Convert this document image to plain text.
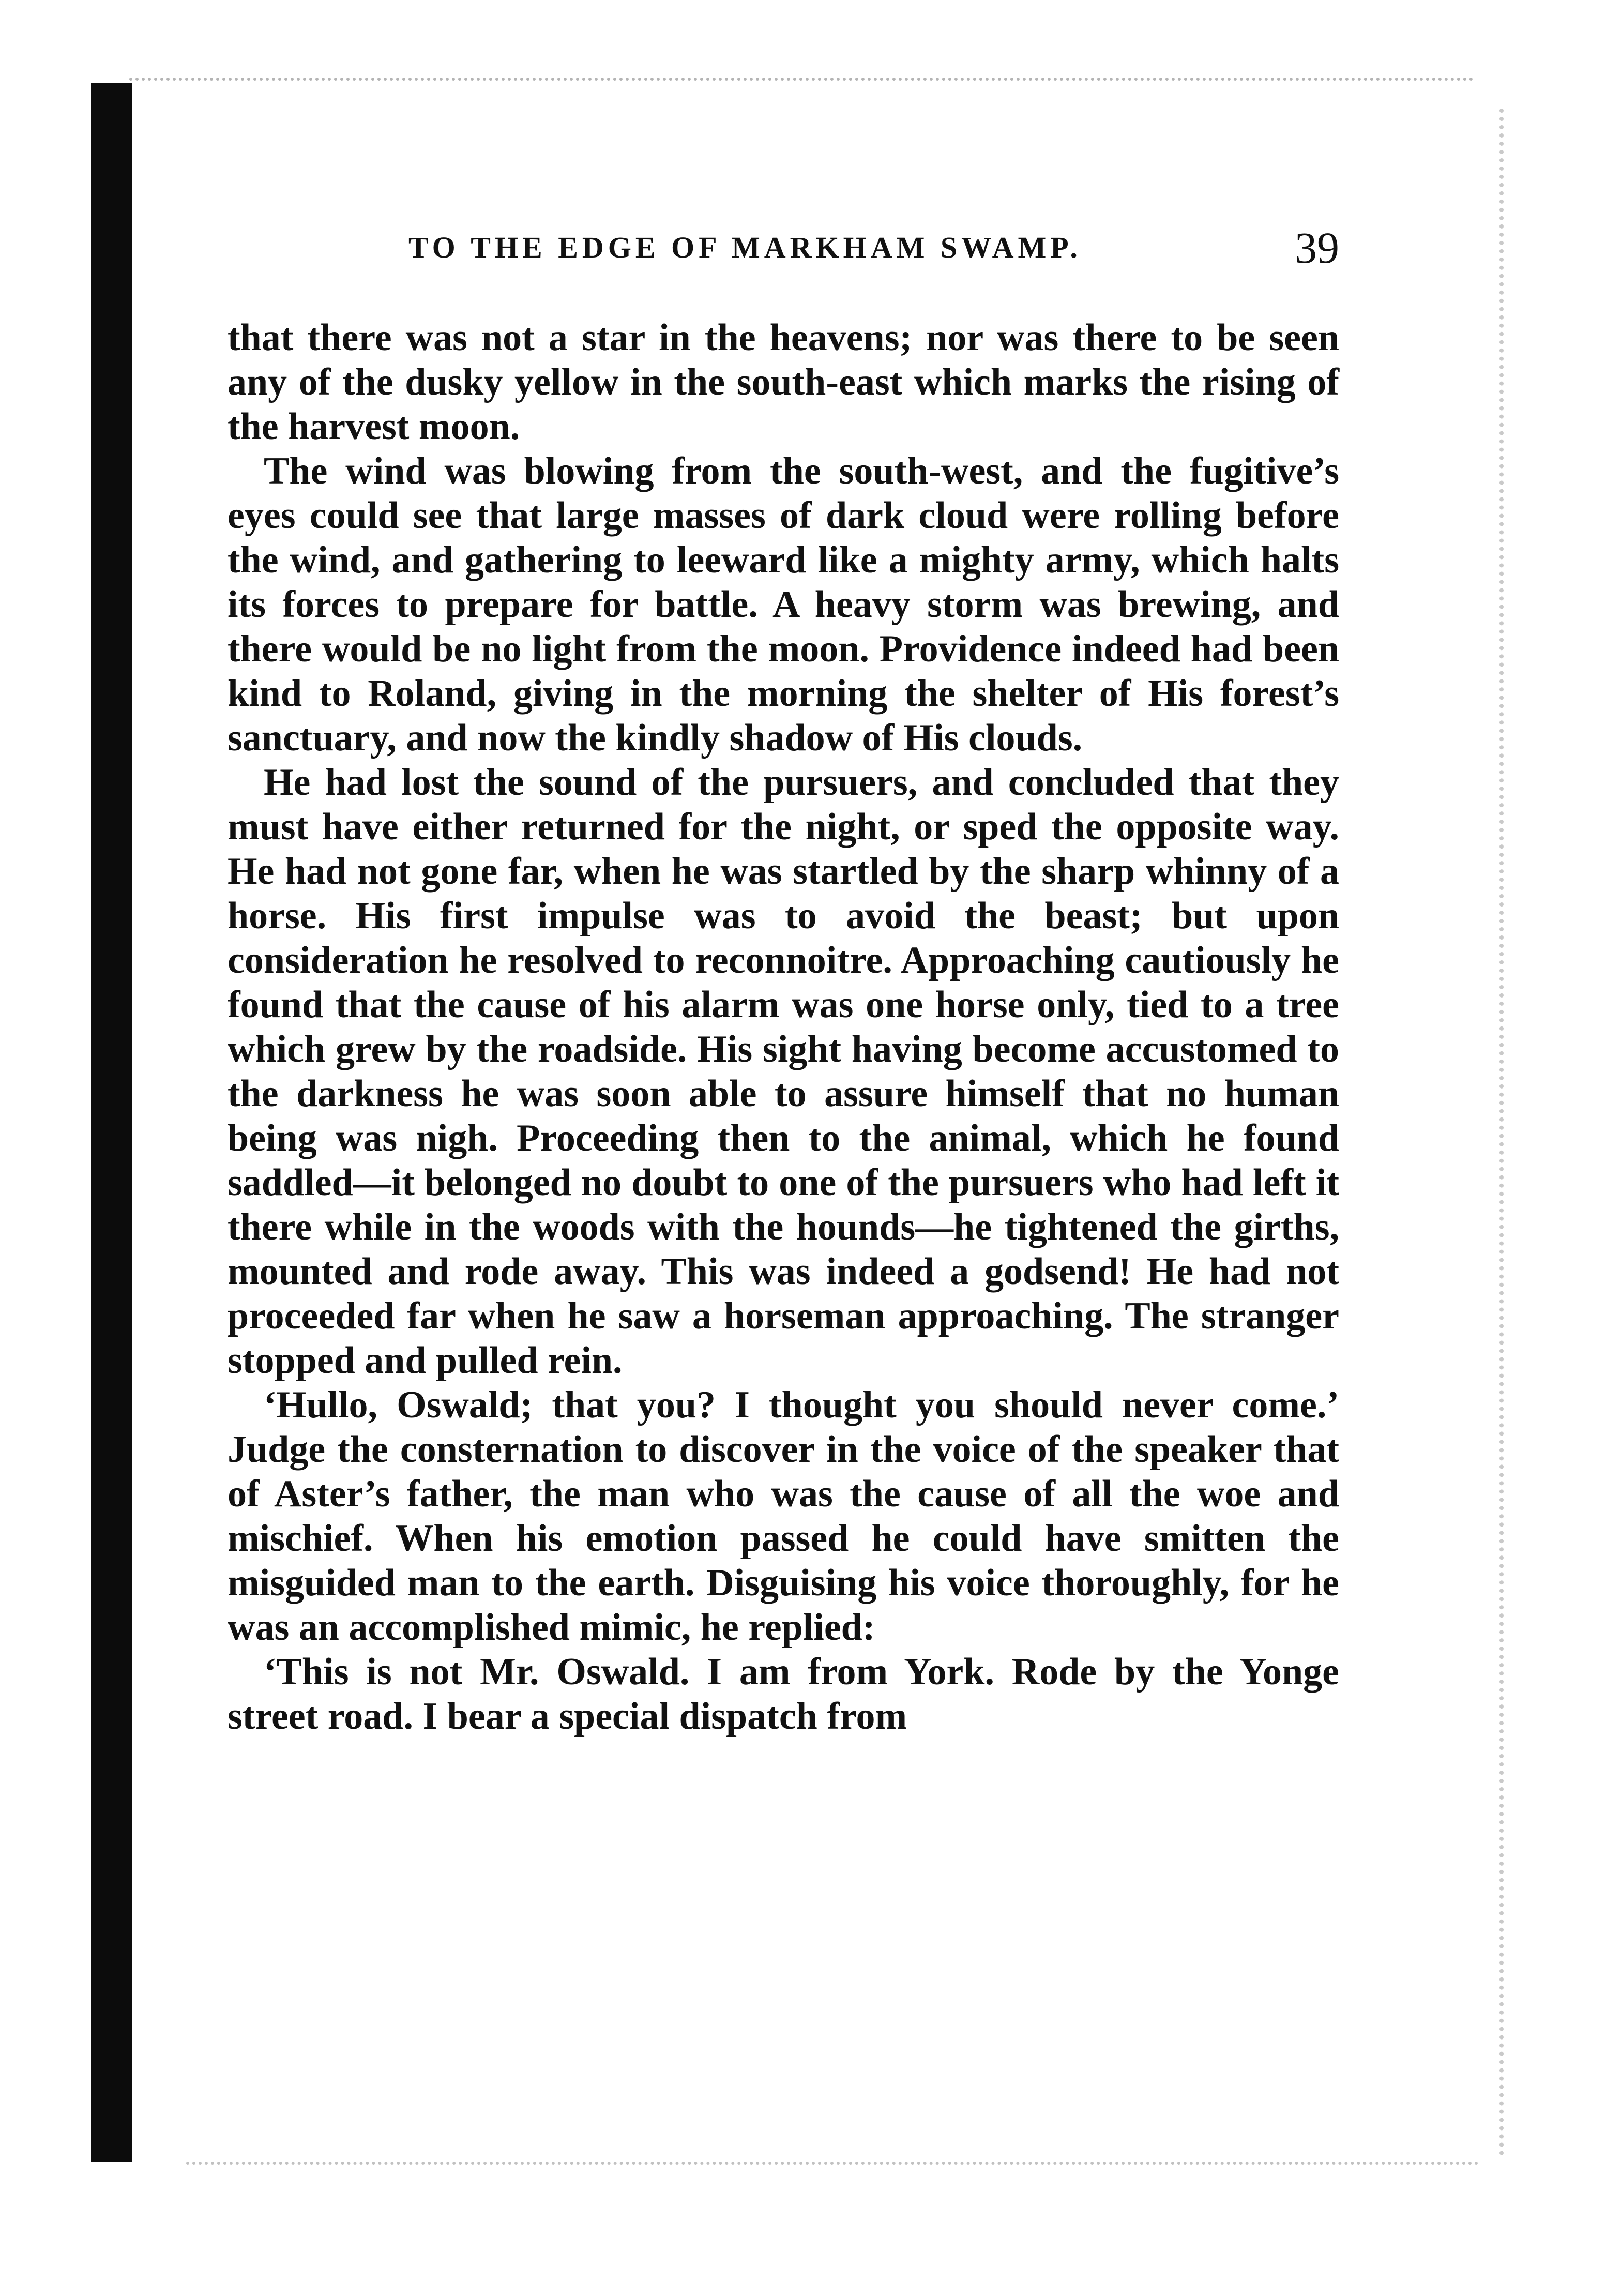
TO THE EDGE OF MARKHAM SWAMP.	39

that there was not a star in the heavens; nor was there to be seen any of the dusky yellow in the south-east which marks the rising of the harvest moon.

The wind was blowing from the south-west, and the fugitive’s eyes could see that large masses of dark cloud were rolling before the wind, and gathering to leeward like a mighty army, which halts its forces to prepare for battle. A heavy storm was brewing, and there would be no light from the moon. Providence indeed had been kind to Roland, giving in the morning the shelter of His forest’s sanctuary, and now the kindly shadow of His clouds.

He had lost the sound of the pursuers, and concluded that they must have either returned for the night, or sped the opposite way. He had not gone far, when he was startled by the sharp whinny of a horse. His first impulse was to avoid the beast; but upon consideration he resolved to reconnoitre. Approaching cautiously he found that the cause of his alarm was one horse only, tied to a tree which grew by the roadside. His sight having become accustomed to the darkness he was soon able to assure himself that no human being was nigh. Proceeding then to the animal, which he found saddled—it belonged no doubt to one of the pursuers who had left it there while in the woods with the hounds—he tightened the girths, mounted and rode away. This was indeed a godsend! He had not proceeded far when he saw a horseman approaching. The stranger stopped and pulled rein.

‘Hullo, Oswald; that you? I thought you should never come.’ Judge the consternation to discover in the voice of the speaker that of Aster’s father, the man who was the cause of all the woe and mischief. When his emotion passed he could have smitten the misguided man to the earth. Disguising his voice thoroughly, for he was an accomplished mimic, he replied:

‘This is not Mr. Oswald. I am from York. Rode by the Yonge street road. I bear a special dispatch from
